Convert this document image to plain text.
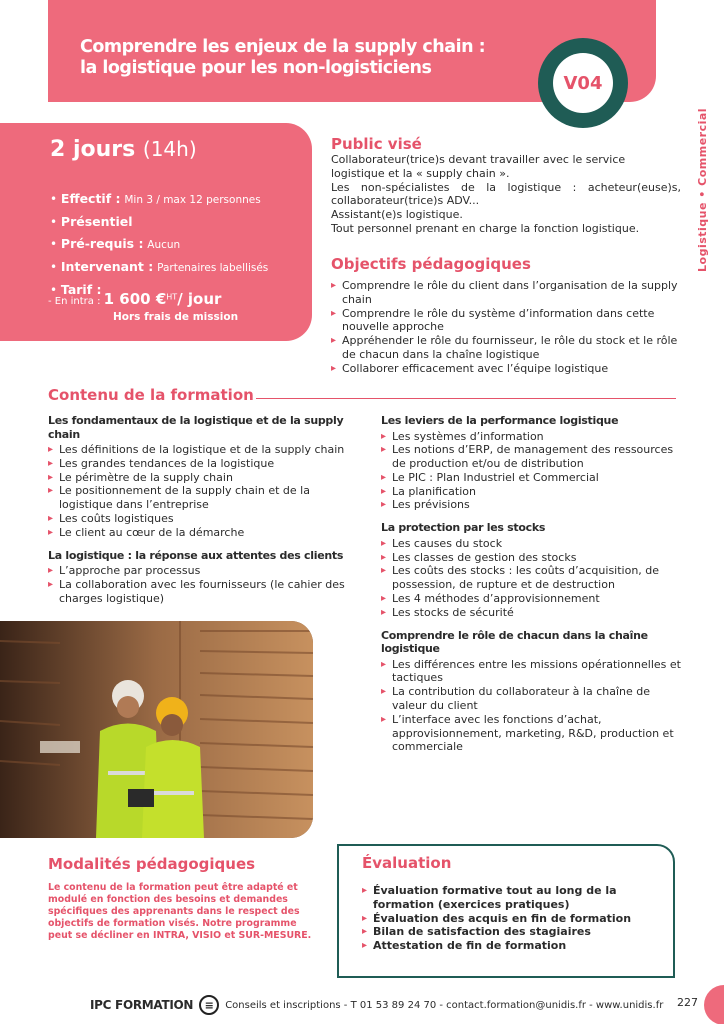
Comprendre les enjeux de la supply chain :
la logistique pour les non-logisticiens
V04
Logistique • Commercial
2 jours (14h)
• Effectif : Min 3 / max 12 personnes
• Présentiel
• Pré-requis : Aucun
• Intervenant : Partenaires labellisés
• Tarif :
- En intra : 1 600 €$^{HT}$/ jour
Hors frais de mission
Public visé
Collaborateur(trice)s devant travailler avec le service logistique et la « supply chain ».
Les non-spécialistes de la logistique : acheteur(euse)s, collaborateur(trice)s ADV...
Assistant(e)s logistique.
Tout personnel prenant en charge la fonction logistique.
Objectifs pédagogiques
▸ Comprendre le rôle du client dans l’organisation de la supply chain
▸ Comprendre le rôle du système d’information dans cette nouvelle approche
▸ Appréhender le rôle du fournisseur, le rôle du stock et le rôle de chacun dans la chaîne logistique
▸ Collaborer efficacement avec l’équipe logistique
Contenu de la formation
Les fondamentaux de la logistique et de la supply chain
▸ Les définitions de la logistique et de la supply chain
▸ Les grandes tendances de la logistique
▸ Le périmètre de la supply chain
▸ Le positionnement de la supply chain et de la logistique dans l’entreprise
▸ Les coûts logistiques
▸ Le client au cœur de la démarche
La logistique : la réponse aux attentes des clients
▸ L’approche par processus
▸ La collaboration avec les fournisseurs (le cahier des charges logistique)
Les leviers de la performance logistique
▸ Les systèmes d’information
▸ Les notions d’ERP, de management des ressources de production et/ou de distribution
▸ Le PIC : Plan Industriel et Commercial
▸ La planification
▸ Les prévisions
La protection par les stocks
▸ Les causes du stock
▸ Les classes de gestion des stocks
▸ Les coûts des stocks : les coûts d’acquisition, de possession, de rupture et de destruction
▸ Les 4 méthodes d’approvisionnement
▸ Les stocks de sécurité
Comprendre le rôle de chacun dans la chaîne logistique
▸ Les différences entre les missions opérationnelles et tactiques
▸ La contribution du collaborateur à la chaîne de valeur du client
▸ L’interface avec les fonctions d’achat, approvisionnement, marketing, R&D, production et commerciale
Modalités pédagogiques

Le contenu de la formation peut être adapté et modulé en fonction des besoins et demandes spécifiques des apprenants dans le respect des objectifs de formation visés. Notre programme peut se décliner en INTRA, VISIO et SUR-MESURE.

Évaluation
▸ Évaluation formative tout au long de la formation (exercices pratiques)
▸ Évaluation des acquis en fin de formation
▸ Bilan de satisfaction des stagiaires
▸ Attestation de fin de formation
IPC FORMATION	≡	Conseils et inscriptions - T 01 53 89 24 70 - contact.formation@unidis.fr - www.unidis.fr 227
